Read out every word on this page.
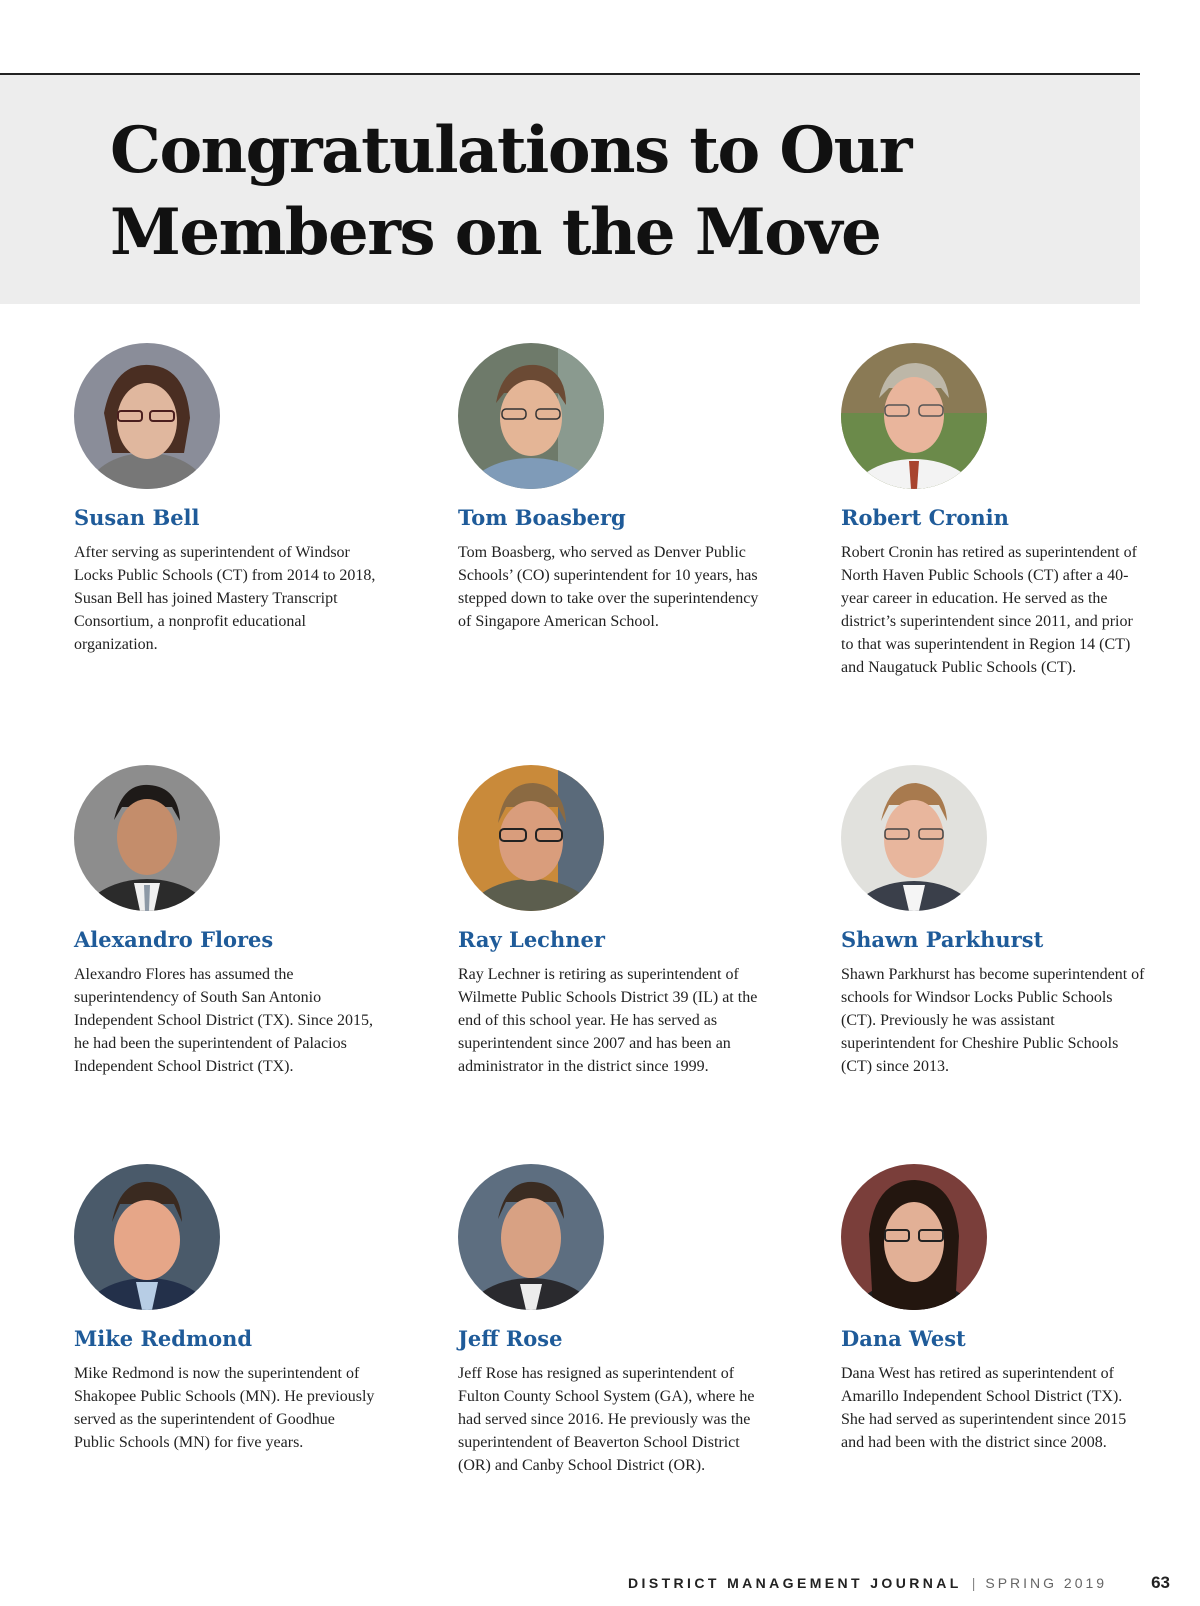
Congratulations to Our
Members on the Move
Susan Bell

After serving as superintendent of Windsor Locks Public Schools (CT) from 2014 to 2018, Susan Bell has joined Mastery Transcript Consortium, a nonprofit educational organization.

Tom Boasberg

Tom Boasberg, who served as Denver Public Schools’ (CO) superintendent for 10 years, has stepped down to take over the superintendency of Singapore American School.

Robert Cronin

Robert Cronin has retired as superintendent of North Haven Public Schools (CT) after a 40-year career in education. He served as the district’s superintendent since 2011, and prior to that was superintendent in Region 14 (CT) and Naugatuck Public Schools (CT).

Alexandro Flores

Alexandro Flores has assumed the superintendency of South San Antonio Independent School District (TX). Since 2015, he had been the superintendent of Palacios Independent School District (TX).

Ray Lechner

Ray Lechner is retiring as superintendent of Wilmette Public Schools District 39 (IL) at the end of this school year. He has served as superintendent since 2007 and has been an administrator in the district since 1999.

Shawn Parkhurst

Shawn Parkhurst has become superintendent of schools for Windsor Locks Public Schools (CT). Previously he was assistant superintendent for Cheshire Public Schools (CT) since 2013.

Mike Redmond

Mike Redmond is now the superintendent of Shakopee Public Schools (MN). He previously served as the superintendent of Goodhue Public Schools (MN) for five years.

Jeff Rose

Jeff Rose has resigned as superintendent of Fulton County School System (GA), where he had served since 2016. He previously was the superintendent of Beaverton School District (OR) and Canby School District (OR).

Dana West

Dana West has retired as superintendent of Amarillo Independent School District (TX). She had served as superintendent since 2015 and had been with the district since 2008.

DISTRICT MANAGEMENT JOURNAL | SPRING 2019	63
